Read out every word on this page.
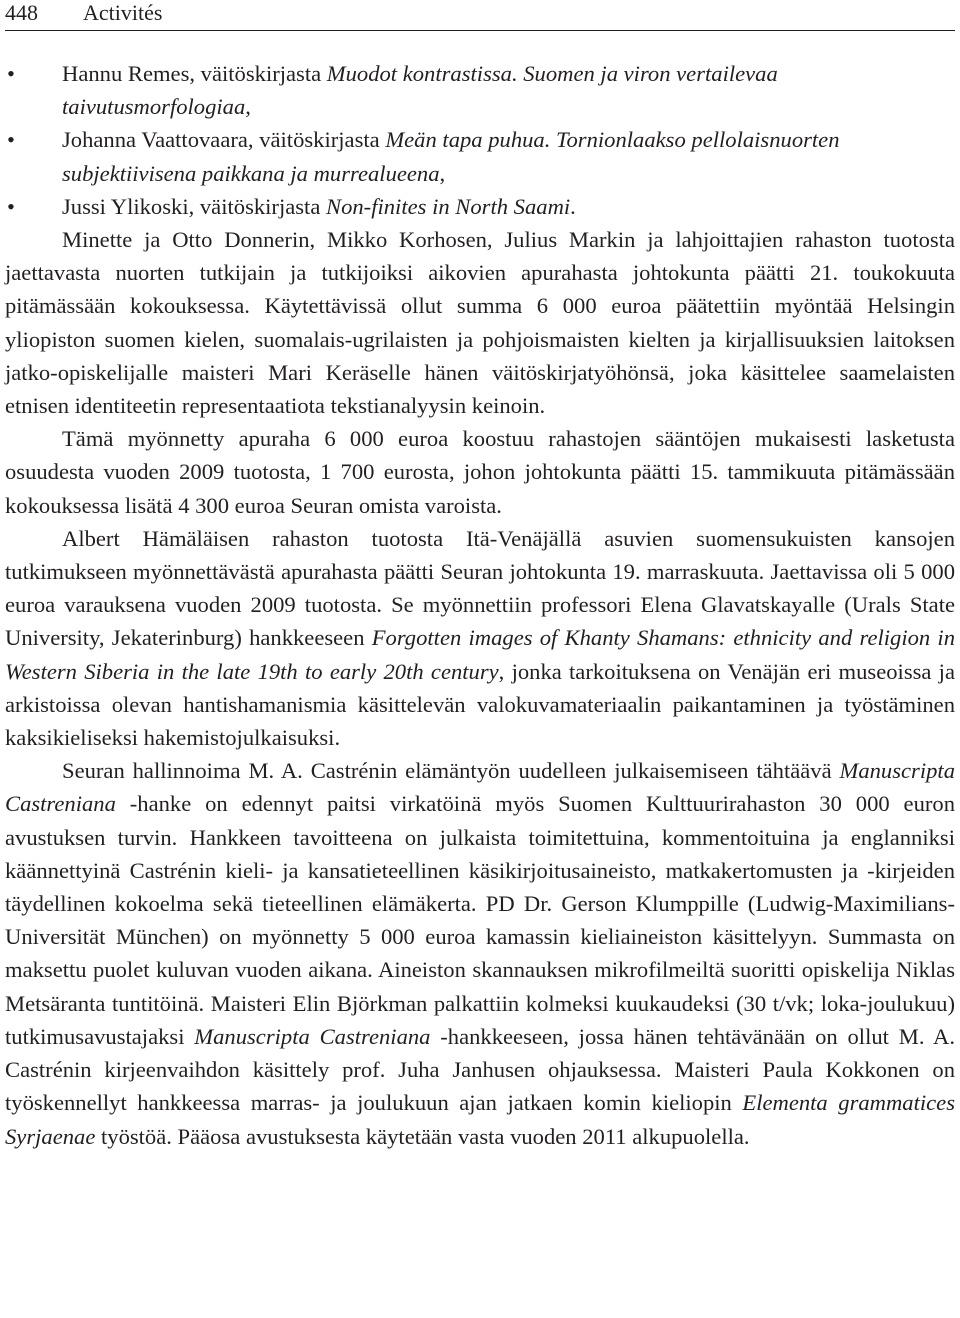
448 Activités
• Hannu Remes, väitöskirjasta Muodot kontrastissa. Suomen ja viron vertailevaa taivutusmorfologiaa,
• Johanna Vaattovaara, väitöskirjasta Meän tapa puhua. Tornionlaakso pellolaisnuorten subjektiivisena paikkana ja murrealueena,
• Jussi Ylikoski, väitöskirjasta Non-finites in North Saami.

Minette ja Otto Donnerin, Mikko Korhosen, Julius Markin ja lahjoittajien rahaston tuotosta jaettavasta nuorten tutkijain ja tutkijoiksi aikovien apurahasta johtokunta päätti 21. toukokuuta pitämässään kokouksessa. Käytettävissä ollut summa 6 000 euroa päätettiin myöntää Helsingin yliopiston suomen kielen, suomalais-ugrilaisten ja pohjoismaisten kielten ja kirjallisuuksien laitoksen jatko-opiskelijalle maisteri Mari Keräselle hänen väitöskirjatyöhönsä, joka käsittelee saamelaisten etnisen identiteetin representaatiota tekstianalyysin keinoin.

Tämä myönnetty apuraha 6 000 euroa koostuu rahastojen sääntöjen mukaisesti lasketusta osuudesta vuoden 2009 tuotosta, 1 700 eurosta, johon johtokunta päätti 15. tammikuuta pitämässään kokouksessa lisätä 4 300 euroa Seuran omista varoista.

Albert Hämäläisen rahaston tuotosta Itä-Venäjällä asuvien suomensukuisten kansojen tutkimukseen myönnettävästä apurahasta päätti Seuran johtokunta 19. marraskuuta. Jaettavissa oli 5 000 euroa varauksena vuoden 2009 tuotosta. Se myönnettiin professori Elena Glavatskayalle (Urals State University, Jekaterinburg) hankkeeseen Forgotten images of Khanty Shamans: ethnicity and religion in Western Siberia in the late 19th to early 20th century, jonka tarkoituksena on Venäjän eri museoissa ja arkistoissa olevan hantishamanismia käsittelevän valokuvamateriaalin paikantaminen ja työstäminen kaksikieliseksi hakemistojulkaisuksi.

Seuran hallinnoima M. A. Castrénin elämäntyön uudelleen julkaisemiseen tähtäävä Manuscripta Castreniana -hanke on edennyt paitsi virkatöinä myös Suomen Kulttuurirahaston 30 000 euron avustuksen turvin. Hankkeen tavoitteena on julkaista toimitettuina, kommentoituina ja englanniksi käännettyinä Castrénin kieli- ja kansatieteellinen käsikirjoitusaineisto, matkakertomusten ja -kirjeiden täydellinen kokoelma sekä tieteellinen elämäkerta. PD Dr. Gerson Klumppille (Ludwig-Maximilians-Universität München) on myönnetty 5 000 euroa kamassin kieliaineiston käsittelyyn. Summasta on maksettu puolet kuluvan vuoden aikana. Aineiston skannauksen mikrofilmeiltä suoritti opiskelija Niklas Metsäranta tuntitöinä. Maisteri Elin Björkman palkattiin kolmeksi kuukaudeksi (30 t/vk; loka-joulukuu) tutkimusavustajaksi Manuscripta Castreniana -hankkeeseen, jossa hänen tehtävänään on ollut M. A. Castrénin kirjeenvaihdon käsittely prof. Juha Janhusen ohjauksessa. Maisteri Paula Kokkonen on työskennellyt hankkeessa marras- ja joulukuun ajan jatkaen komin kieliopin Elementa grammatices Syrjaenae työstöä. Pääosa avustuksesta käytetään vasta vuoden 2011 alkupuolella.
